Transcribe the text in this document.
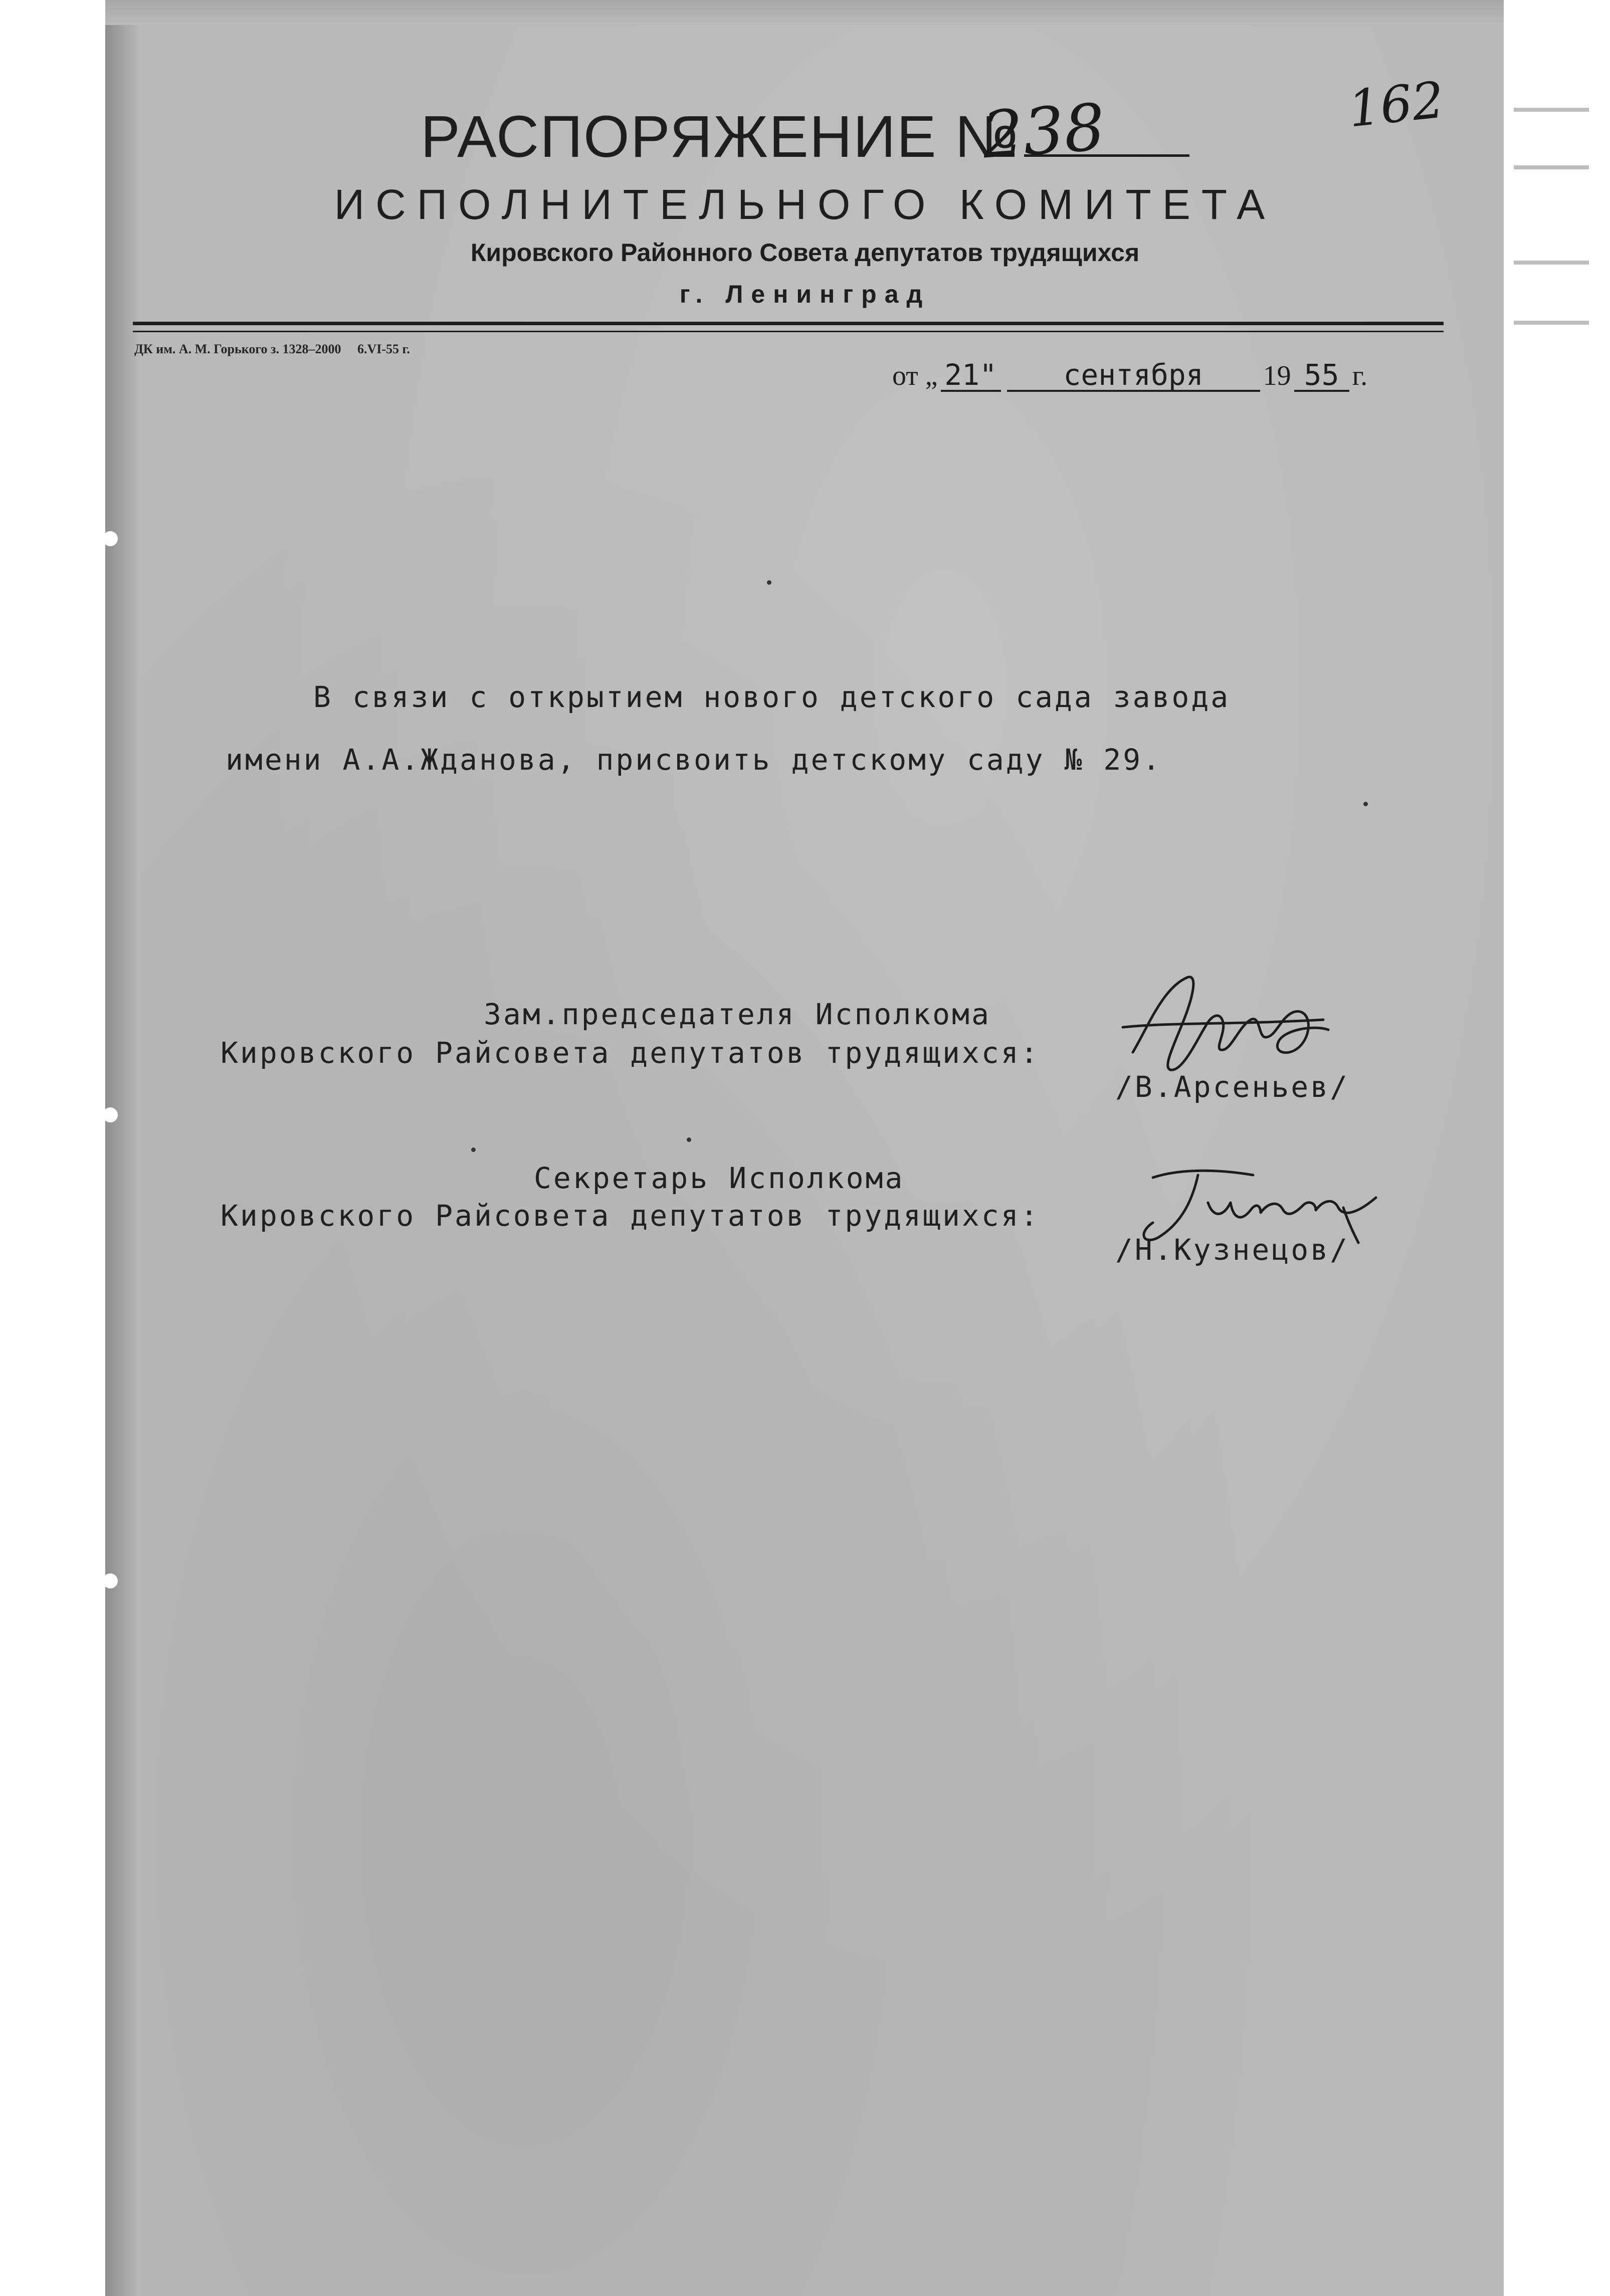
РАСПОРЯЖЕНИЕ №
238	162
ИСПОЛНИТЕЛЬНОГО КОМИТЕТА
Кировского Районного Совета депутатов трудящихся
г. Ленинград
ДК им. А. М. Горького з. 1328–2000     6.VI-55 г.
от „ 21" сентября 19 55 г.
В связи с открытием нового детского сада завода
имени А.А.Жданова, присвоить детскому саду № 29.
Зам.председателя Исполкома
Кировского Райсовета депутатов трудящихся:
/В.Арсеньев/
Секретарь Исполкома
Кировского Райсовета депутатов трудящихся:
/Н.Кузнецов/
